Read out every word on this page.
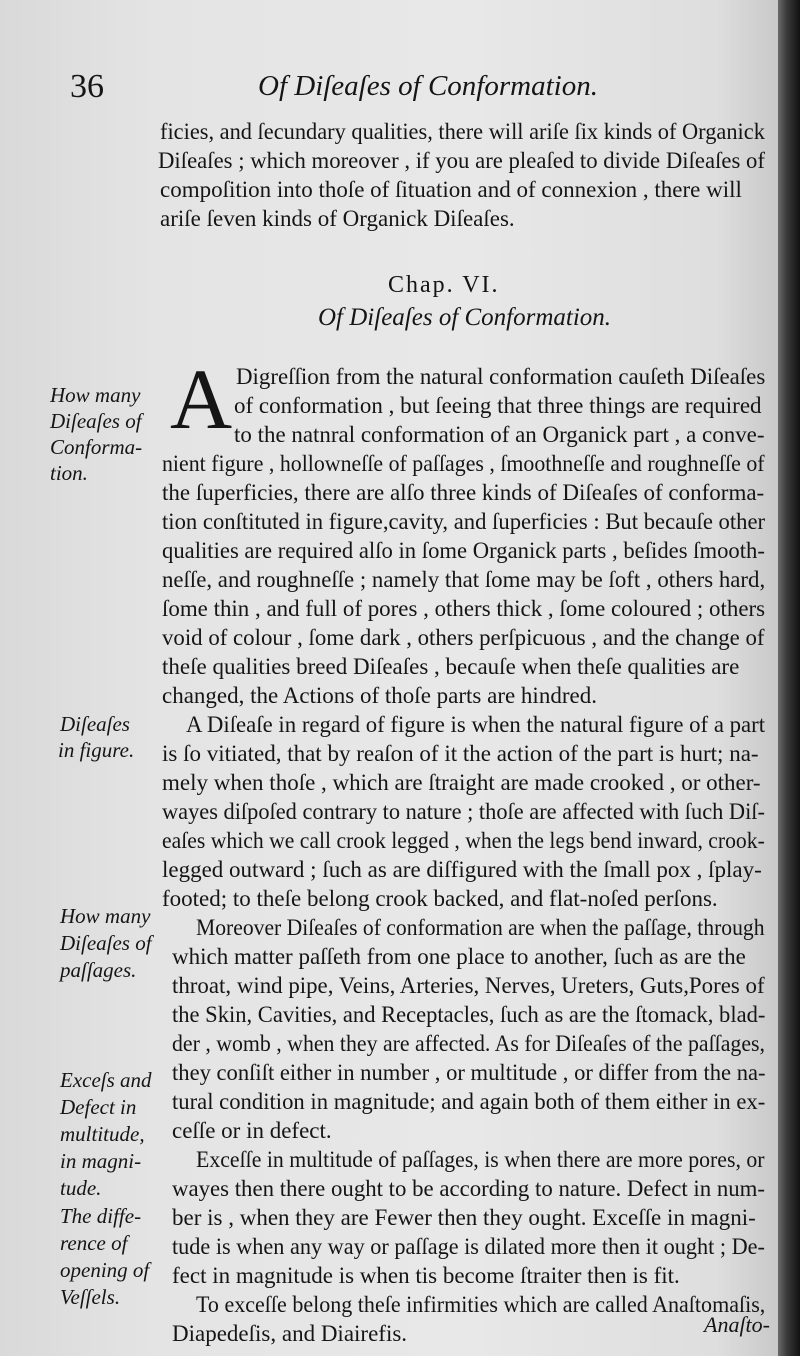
36	Of Diſeaſes of Conformation.
ficies, and ſecundary qualities, there will ariſe ſix kinds of Organick
Diſeaſes ; which moreover , if you are pleaſed to divide Diſeaſes of
compoſition into thoſe of ſituation and of connexion , there will
ariſe ſeven kinds of Organick Diſeaſes.
Chap. VI.
Of Diſeaſes of Conformation.
A Digreſſion from the natural conformation cauſeth Diſeaſes
of conformation , but ſeeing that three things are required
to the natnral conformation of an Organick part , a conve-
nient figure , hollowneſſe of paſſages , ſmoothneſſe and roughneſſe of
the ſuperficies, there are alſo three kinds of Diſeaſes of conforma-
tion conſtituted in figure,cavity, and ſuperficies : But becauſe other
qualities are required alſo in ſome Organick parts , beſides ſmooth-
neſſe, and roughneſſe ; namely that ſome may be ſoft , others hard,
ſome thin , and full of pores , others thick , ſome coloured ; others
void of colour , ſome dark , others perſpicuous , and the change of
theſe qualities breed Diſeaſes , becauſe when theſe qualities are
changed, the Actions of thoſe parts are hindred.
A Diſeaſe in regard of figure is when the natural figure of a part
is ſo vitiated, that by reaſon of it the action of the part is hurt; na-
mely when thoſe , which are ſtraight are made crooked , or other-
wayes diſpoſed contrary to nature ; thoſe are affected with ſuch Diſ-
eaſes which we call crook legged , when the legs bend inward, crook-
legged outward ; ſuch as are diſfigured with the ſmall pox , ſplay-
footed; to theſe belong crook backed, and flat-noſed perſons.
Moreover Diſeaſes of conformation are when the paſſage, through
which matter paſſeth from one place to another, ſuch as are the
throat, wind pipe, Veins, Arteries, Nerves, Ureters, Guts,Pores of
the Skin, Cavities, and Receptacles, ſuch as are the ſtomack, blad-
der , womb , when they are affected. As for Diſeaſes of the paſſages,
they conſiſt either in number , or multitude , or differ from the na-
tural condition in magnitude; and again both of them either in ex-
ceſſe or in defect.
Exceſſe in multitude of paſſages, is when there are more pores, or
wayes then there ought to be according to nature. Defect in num-
ber is , when they are Fewer then they ought. Exceſſe in magni-
tude is when any way or paſſage is dilated more then it ought ; De-
fect in magnitude is when tis become ſtraiter then is fit.
To exceſſe belong theſe infirmities which are called Anaſtomaſis,
Diapedeſis, and Diairefis.
How many
Diſeaſes of
Conforma-
tion.
Diſeaſes
in figure.
How many
Diſeaſes of
paſſages.
Exceſs and
Defect in
multitude,
in magni-
tude.
The diffe-
rence of
opening of
Veſſels.
Anaſto-
